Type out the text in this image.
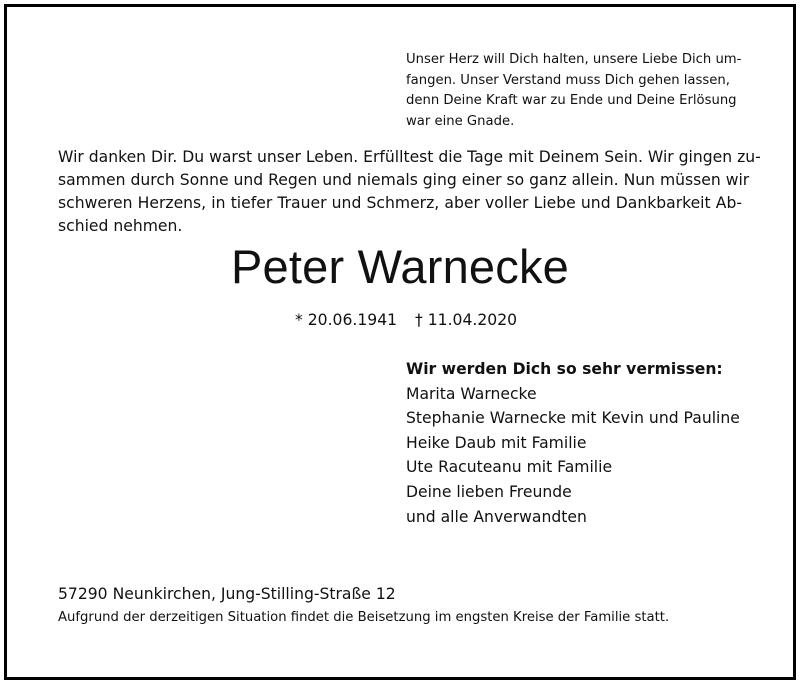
Unser Herz will Dich halten, unsere Liebe Dich um-
fangen. Unser Verstand muss Dich gehen lassen,
denn Deine Kraft war zu Ende und Deine Erlösung
war eine Gnade.
Wir danken Dir. Du warst unser Leben. Erfülltest die Tage mit Deinem Sein. Wir gingen zu-
sammen durch Sonne und Regen und niemals ging einer so ganz allein. Nun müssen wir
schweren Herzens, in tiefer Trauer und Schmerz, aber voller Liebe und Dankbarkeit Ab-
schied nehmen.
Peter Warnecke
* 20.06.1941 † 11.04.2020
Wir werden Dich so sehr vermissen:
Marita Warnecke
Stephanie Warnecke mit Kevin und Pauline
Heike Daub mit Familie
Ute Racuteanu mit Familie
Deine lieben Freunde
und alle Anverwandten
57290 Neunkirchen, Jung-Stilling-Straße 12
Aufgrund der derzeitigen Situation findet die Beisetzung im engsten Kreise der Familie statt.
